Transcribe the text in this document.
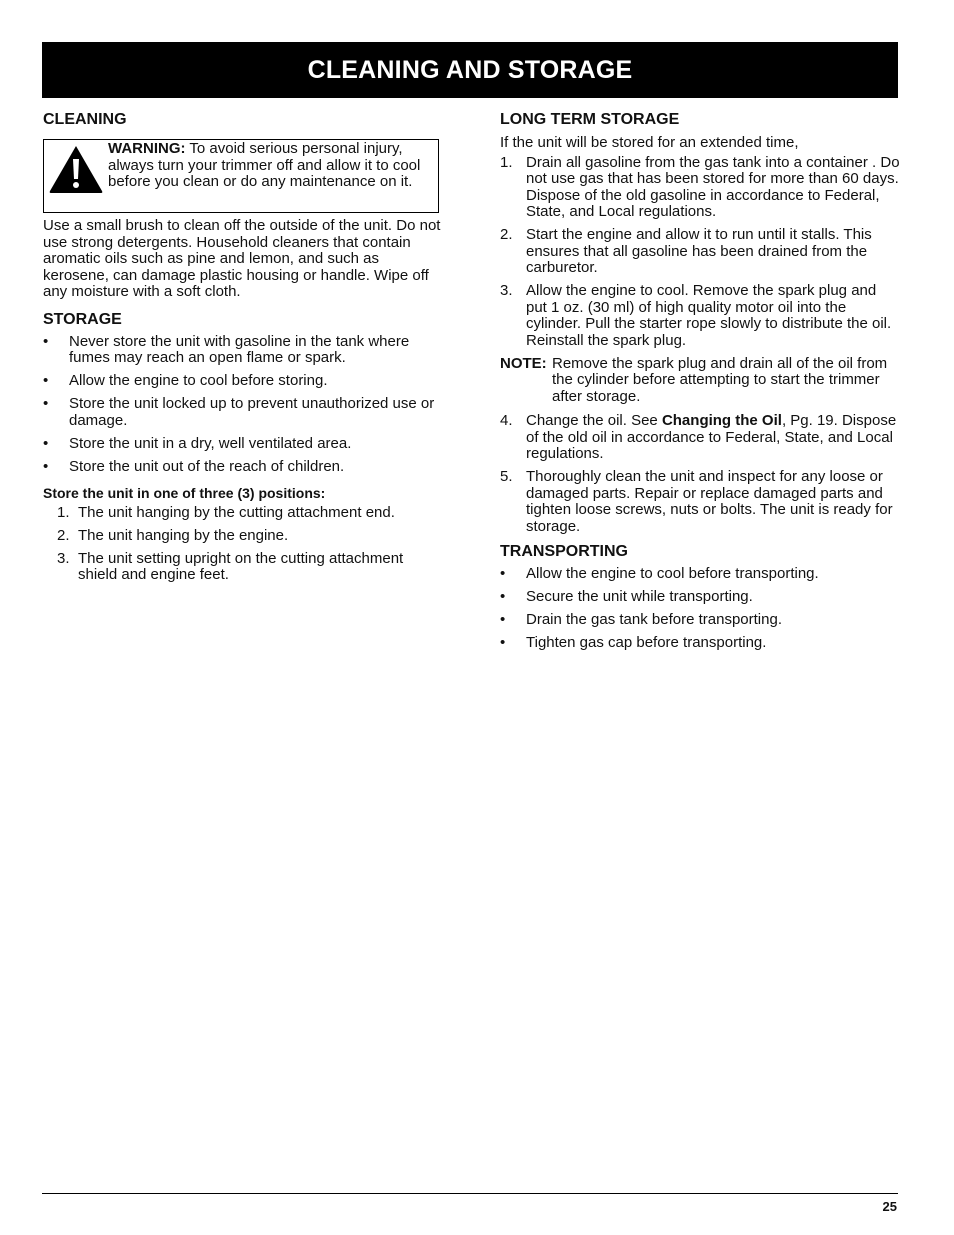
CLEANING AND STORAGE
CLEANING
WARNING: To avoid serious personal injury, always turn your trimmer off and allow it to cool before you clean or do any maintenance on it.

Use a small brush to clean off the outside of the unit. Do not use strong detergents. Household cleaners that contain aromatic oils such as pine and lemon, and such as kerosene, can damage plastic housing or handle. Wipe off any moisture with a soft cloth.

STORAGE
• Never store the unit with gasoline in the tank where fumes may reach an open flame or spark.
• Allow the engine to cool before storing.
• Store the unit locked up to prevent unauthorized use or damage.
• Store the unit in a dry, well ventilated area.
• Store the unit out of the reach of children.

Store the unit in one of three (3) positions:

1. The unit hanging by the cutting attachment end.
2. The unit hanging by the engine.
3. The unit setting upright on the cutting attachment shield and engine feet.
LONG TERM STORAGE

If the unit will be stored for an extended time,

1. Drain all gasoline from the gas tank into a container . Do not use gas that has been stored for more than 60 days. Dispose of the old gasoline in accordance to Federal, State, and Local regulations.
2. Start the engine and allow it to run until it stalls. This ensures that all gasoline has been drained from the carburetor.
3. Allow the engine to cool. Remove the spark plug and put 1 oz. (30 ml) of high quality motor oil into the cylinder. Pull the starter rope slowly to distribute the oil. Reinstall the spark plug.
NOTE: Remove the spark plug and drain all of the oil from the cylinder before attempting to start the trimmer after storage.
4. Change the oil. See Changing the Oil, Pg. 19. Dispose of the old oil in accordance to Federal, State, and Local regulations.
5. Thoroughly clean the unit and inspect for any loose or damaged parts. Repair or replace damaged parts and tighten loose screws, nuts or bolts. The unit is ready for storage.
TRANSPORTING
• Allow the engine to cool before transporting.
• Secure the unit while transporting.
• Drain the gas tank before transporting.
• Tighten gas cap before transporting.
25
